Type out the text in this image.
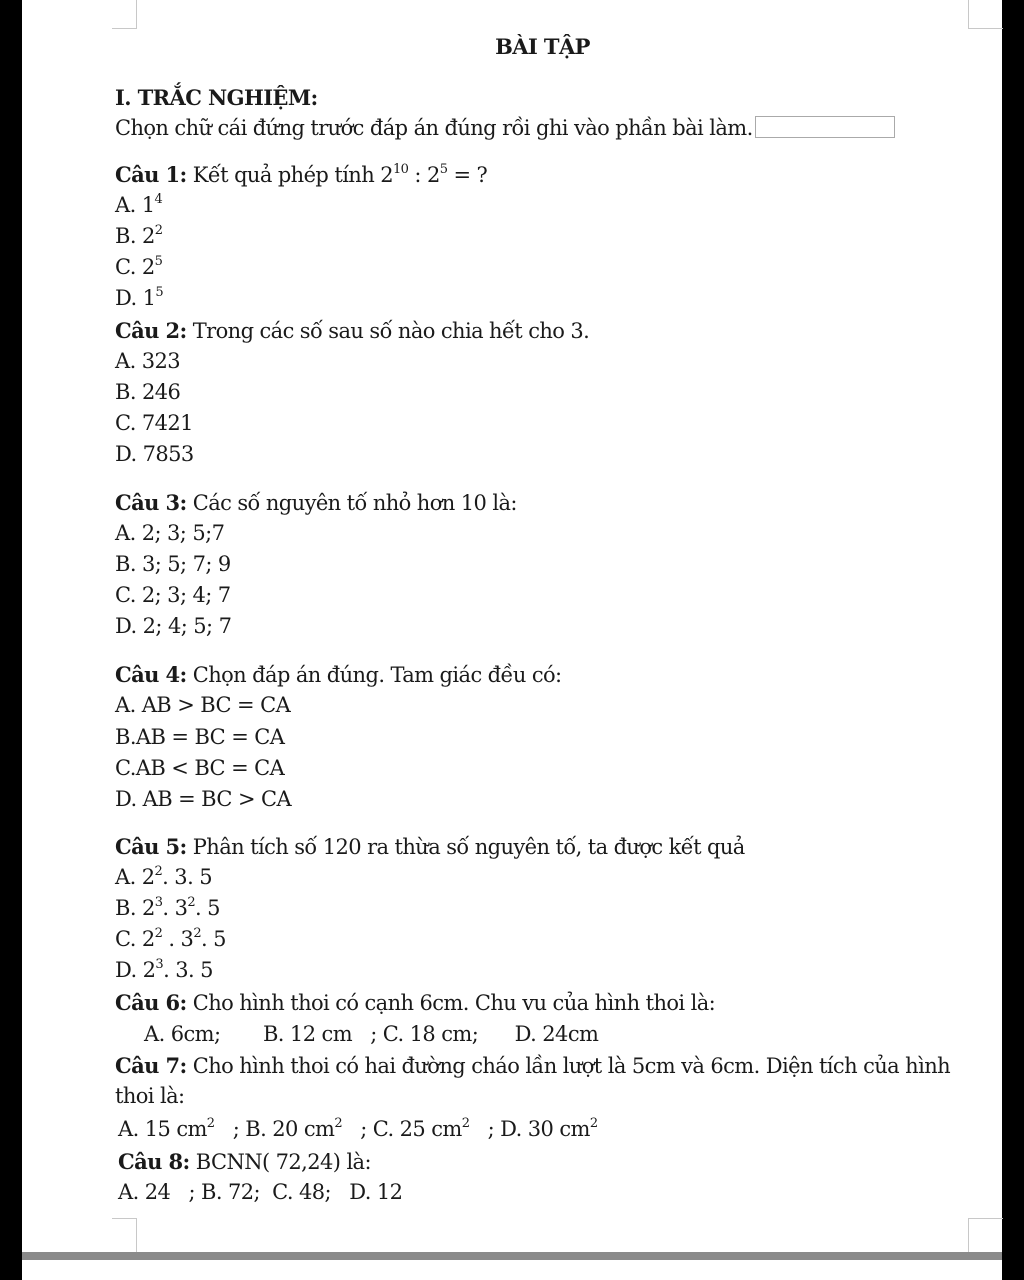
BÀI TẬP
I. TRẮC NGHIỆM:
Chọn chữ cái đứng trước đáp án đúng rồi ghi vào phần bài làm.
Câu 1: Kết quả phép tính $2^{10}$ : $2^5$ = ?
A. $1^4$
B. $2^2$
C. $2^5$
D. $1^5$
Câu 2: Trong các số sau số nào chia hết cho 3.
A. 323
B. 246
C. 7421
D. 7853
Câu 3: Các số nguyên tố nhỏ hơn 10 là:
A. 2; 3; 5;7
B. 3; 5; 7; 9
C. 2; 3; 4; 7
D. 2; 4; 5; 7
Câu 4: Chọn đáp án đúng. Tam giác đều có:
A. AB > BC = CA
B.AB = BC = CA
C.AB < BC = CA
D. AB = BC > CA
Câu 5: Phân tích số 120 ra thừa số nguyên tố, ta được kết quả
A. $2^2$. 3. 5
B. $2^3$. $3^2$. 5
C. $2^2$ . $3^2$. 5
D. $2^3$. 3. 5
Câu 6: Cho hình thoi có cạnh 6cm. Chu vu của hình thoi là:
A. 6cm;       B. 12 cm   ; C. 18 cm;      D. 24cm
Câu 7: Cho hình thoi có hai đường cháo lần lượt là 5cm và 6cm. Diện tích của hình
thoi là:
A. 15 $cm^2$   ; B. 20 $cm^2$   ; C. 25 $cm^2$   ; D. 30 $cm^2$
Câu 8: BCNN( 72,24) là:
A. 24   ; B. 72;  C. 48;   D. 12
